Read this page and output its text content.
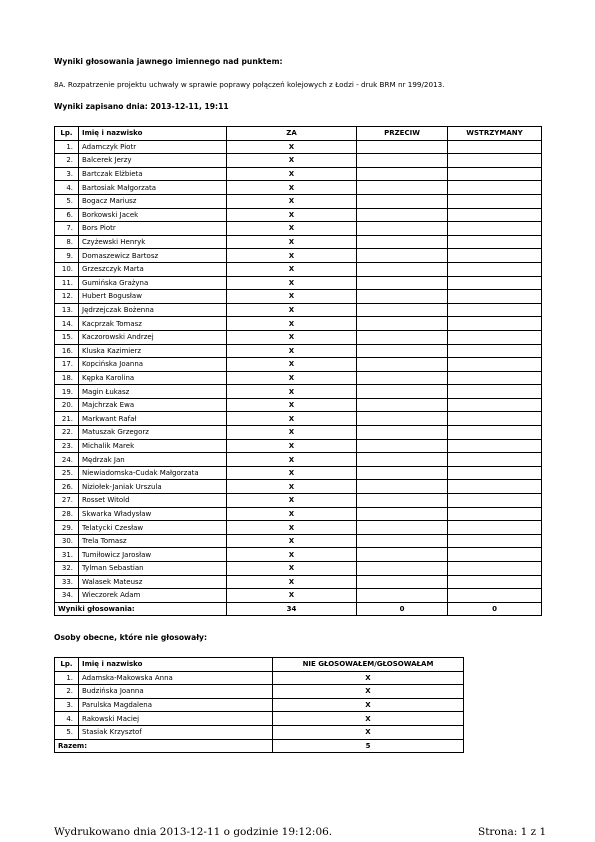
Wyniki głosowania jawnego imiennego nad punktem:
8A. Rozpatrzenie projektu uchwały w sprawie poprawy połączeń kolejowych z Łodzi - druk BRM nr 199/2013.
Wyniki zapisano dnia: 2013-12-11, 19:11
Lp.	Imię i nazwisko	ZA	PRZECIW	WSTRZYMANY
1.	Adamczyk Piotr	X		
2.	Balcerek Jerzy	X		
3.	Bartczak Elżbieta	X		
4.	Bartosiak Małgorzata	X		
5.	Bogacz Mariusz	X		
6.	Borkowski Jacek	X		
7.	Bors Piotr	X		
8.	Czyżewski Henryk	X		
9.	Domaszewicz Bartosz	X		
10.	Grzeszczyk Marta	X		
11.	Gumińska Grażyna	X		
12.	Hubert Bogusław	X		
13.	Jędrzejczak Bożenna	X		
14.	Kacprzak Tomasz	X		
15.	Kaczorowski Andrzej	X		
16.	Kluska Kazimierz	X		
17.	Kopcińska Joanna	X		
18.	Kępka Karolina	X		
19.	Magin Łukasz	X		
20.	Majchrzak Ewa	X		
21.	Markwant Rafał	X		
22.	Matuszak Grzegorz	X		
23.	Michalik Marek	X		
24.	Mędrzak Jan	X		
25.	Niewiadomska-Cudak Małgorzata	X		
26.	Niziołek-Janiak Urszula	X		
27.	Rosset Witold	X		
28.	Skwarka Władysław	X		
29.	Telatycki Czesław	X		
30.	Trela Tomasz	X		
31.	Tumiłowicz Jarosław	X		
32.	Tylman Sebastian	X		
33.	Walasek Mateusz	X		
34.	Wieczorek Adam	X		
Wyniki głosowania:		34	0	0
Osoby obecne, które nie głosowały:
Lp.	Imię i nazwisko	NIE GŁOSOWAŁEM/GŁOSOWAŁAM
1.	Adamska-Makowska Anna	X
2.	Budzińska Joanna	X
3.	Parulska Magdalena	X
4.	Rakowski Maciej	X
5.	Stasiak Krzysztof	X
Razem:		5
Wydrukowano dnia 2013-12-11 o godzinie 19:12:06.	Strona: 1 z 1
